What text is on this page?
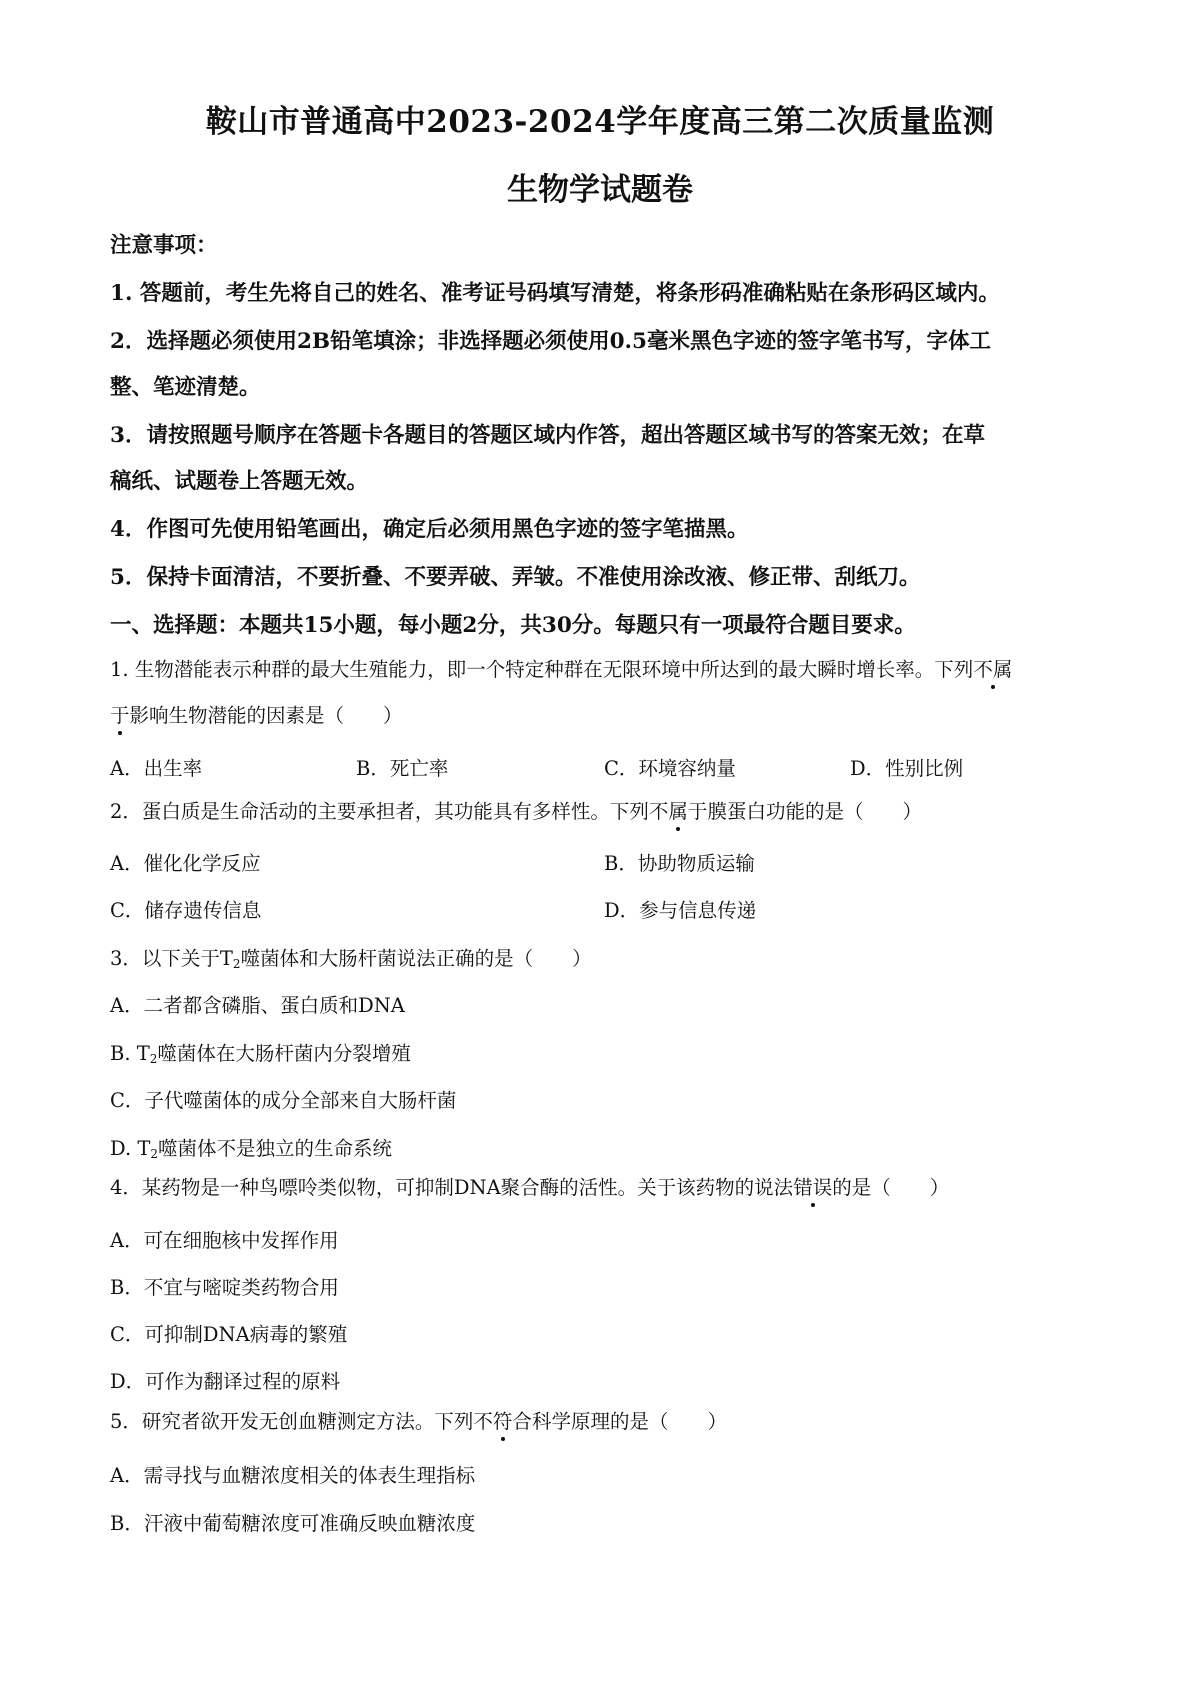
鞍山市普通高中2023-2024学年度高三第二次质量监测
生物学试题卷
注意事项：
1. 答题前，考生先将自己的姓名、准考证号码填写清楚，将条形码准确粘贴在条形码区域内。
2．选择题必须使用2B铅笔填涂；非选择题必须使用0.5毫米黑色字迹的签字笔书写，字体工
整、笔迹清楚。
3．请按照题号顺序在答题卡各题目的答题区域内作答，超出答题区域书写的答案无效；在草
稿纸、试题卷上答题无效。
4．作图可先使用铅笔画出，确定后必须用黑色字迹的签字笔描黑。
5．保持卡面清洁，不要折叠、不要弄破、弄皱。不准使用涂改液、修正带、刮纸刀。
一、选择题：本题共15小题，每小题2分，共30分。每题只有一项最符合题目要求。
1. 生物潜能表示种群的最大生殖能力，即一个特定种群在无限环境中所达到的最大瞬时增长率。下列不属
于影响生物潜能的因素是（　　）
A．出生率	B．死亡率	C．环境容纳量	D．性别比例
2．蛋白质是生命活动的主要承担者，其功能具有多样性。下列不属于膜蛋白功能的是（　　）
A．催化化学反应	B．协助物质运输
C．储存遗传信息	D．参与信息传递
3．以下关于$T_2$噬菌体和大肠杆菌说法正确的是（　　）
A．二者都含磷脂、蛋白质和DNA
B. $T_2$噬菌体在大肠杆菌内分裂增殖
C．子代噬菌体的成分全部来自大肠杆菌
D. $T_2$噬菌体不是独立的生命系统
4．某药物是一种鸟嘌呤类似物，可抑制DNA聚合酶的活性。关于该药物的说法错误的是（　　）
A．可在细胞核中发挥作用
B．不宜与嘧啶类药物合用
C．可抑制DNA病毒的繁殖
D．可作为翻译过程的原料
5．研究者欲开发无创血糖测定方法。下列不符合科学原理的是（　　）
A．需寻找与血糖浓度相关的体表生理指标
B．汗液中葡萄糖浓度可准确反映血糖浓度
